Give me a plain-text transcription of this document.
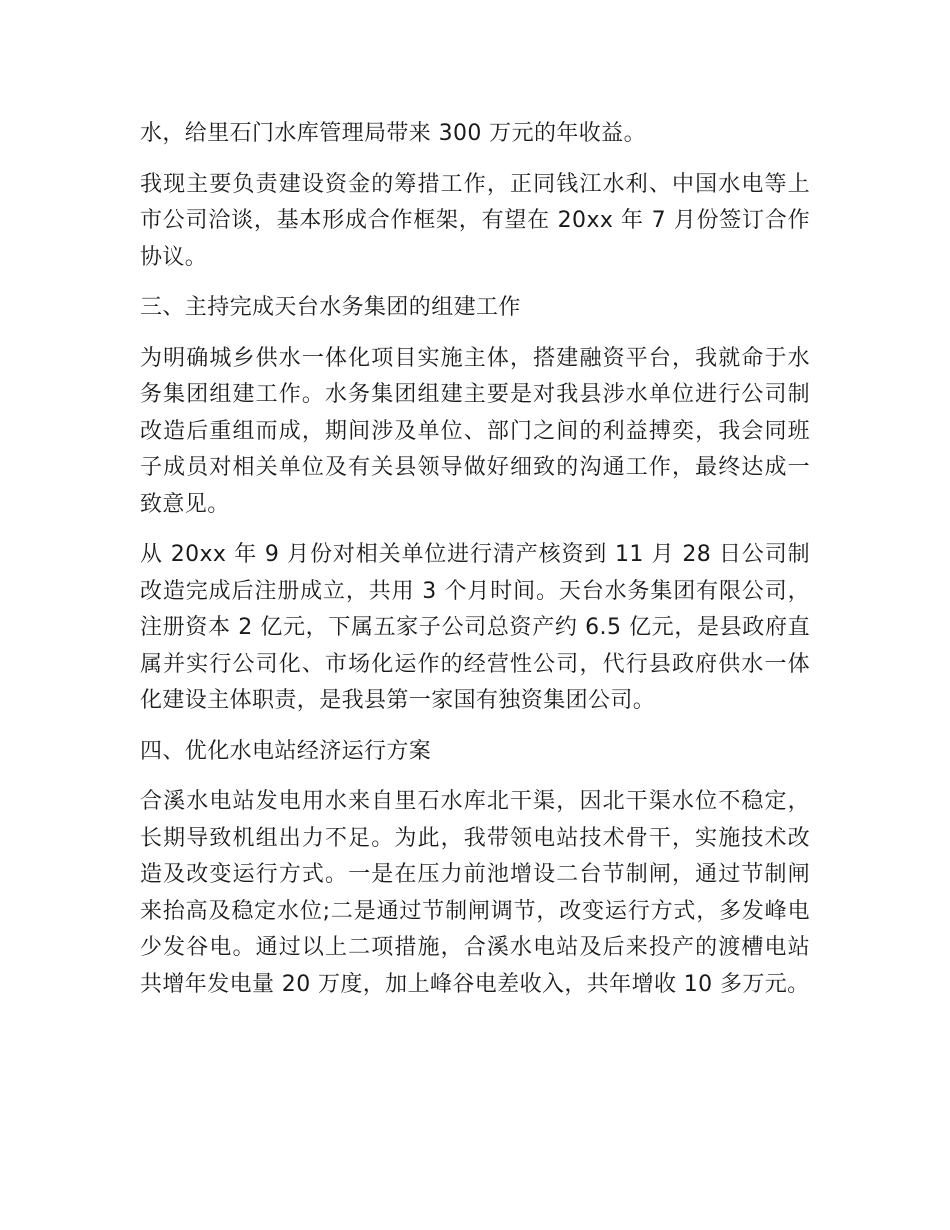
水，给里石门水库管理局带来 300 万元的年收益。

我现主要负责建设资金的筹措工作，正同钱江水利、中国水电等上市公司洽谈，基本形成合作框架，有望在 20xx 年 7 月份签订合作协议。

三、主持完成天台水务集团的组建工作

为明确城乡供水一体化项目实施主体，搭建融资平台，我就命于水务集团组建工作。水务集团组建主要是对我县涉水单位进行公司制改造后重组而成，期间涉及单位、部门之间的利益搏奕，我会同班子成员对相关单位及有关县领导做好细致的沟通工作，最终达成一致意见。

从 20xx 年 9 月份对相关单位进行清产核资到 11 月 28 日公司制改造完成后注册成立，共用 3 个月时间。天台水务集团有限公司，注册资本 2 亿元，下属五家子公司总资产约 6.5 亿元，是县政府直属并实行公司化、市场化运作的经营性公司，代行县政府供水一体化建设主体职责，是我县第一家国有独资集团公司。

四、优化水电站经济运行方案

合溪水电站发电用水来自里石水库北干渠，因北干渠水位不稳定，长期导致机组出力不足。为此，我带领电站技术骨干，实施技术改造及改变运行方式。一是在压力前池增设二台节制闸，通过节制闸来抬高及稳定水位;二是通过节制闸调节，改变运行方式，多发峰电少发谷电。通过以上二项措施，合溪水电站及后来投产的渡槽电站共增年发电量 20 万度，加上峰谷电差收入，共年增收 10 多万元。
